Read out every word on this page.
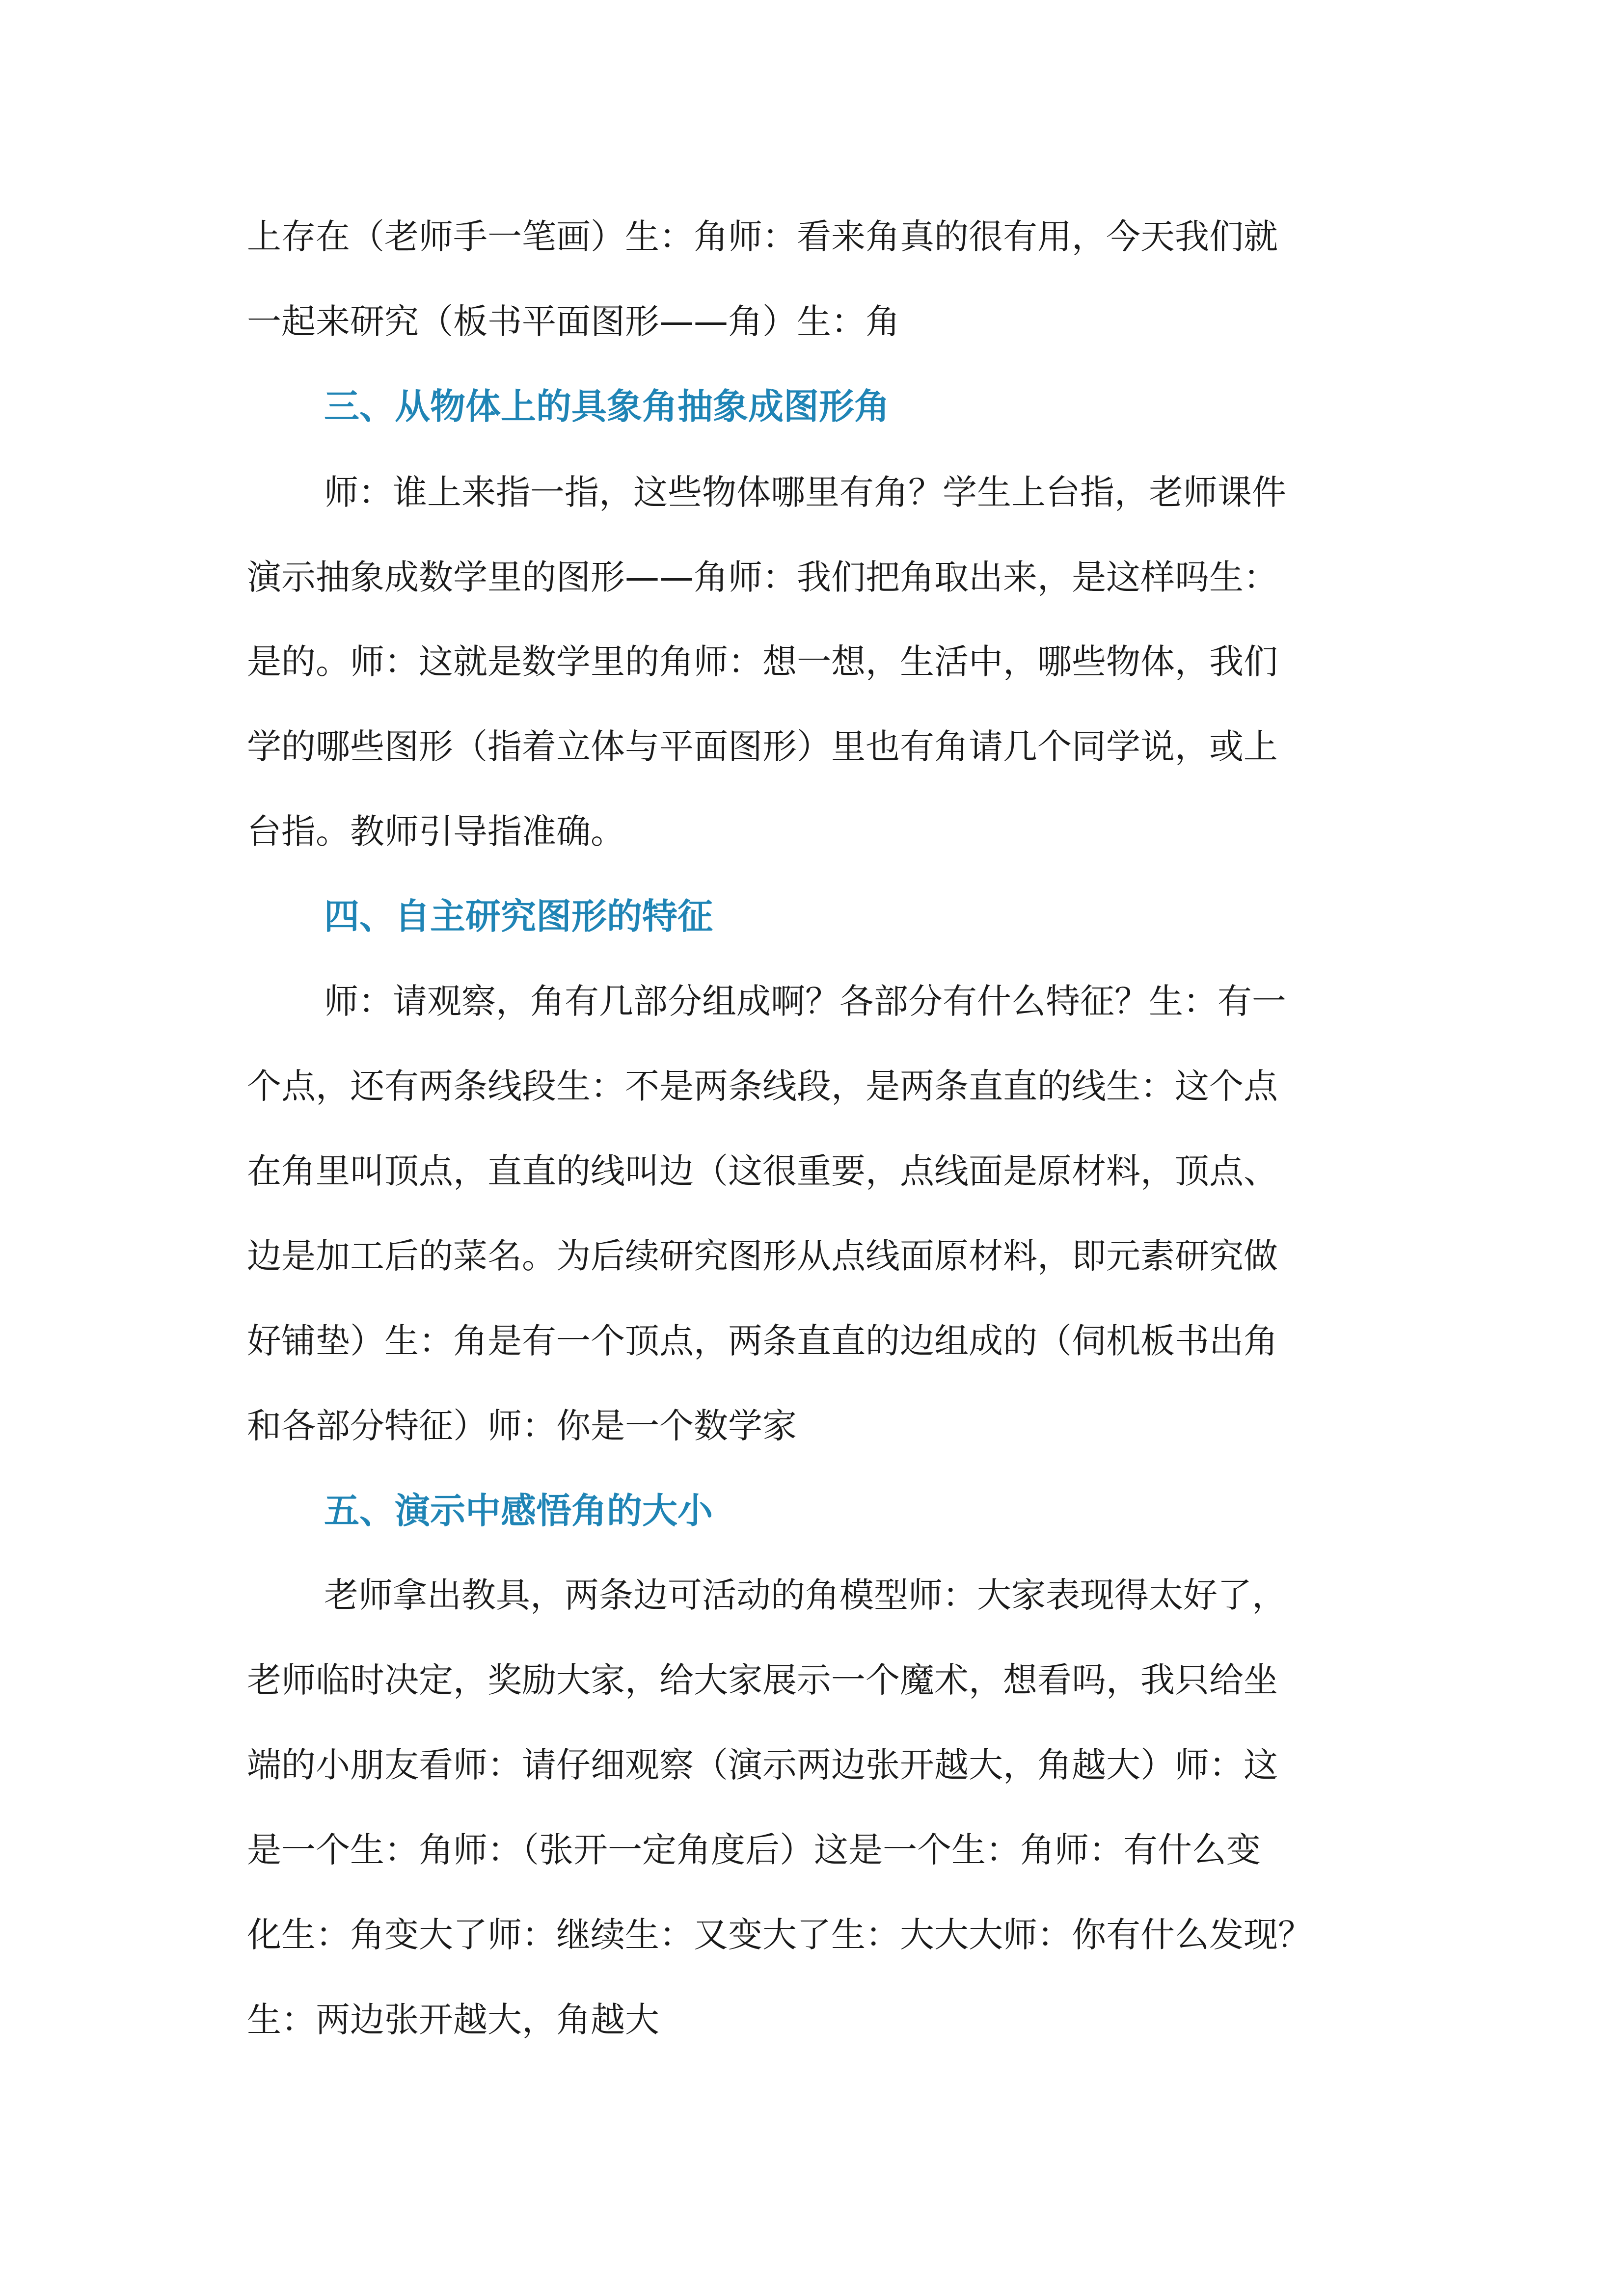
上存在（老师手一笔画）生：角师：看来角真的很有用，今天我们就
一起来研究（板书平面图形——角）生：角
三、从物体上的具象角抽象成图形角
师：谁上来指一指，这些物体哪里有角？学生上台指，老师课件
演示抽象成数学里的图形——角师：我们把角取出来，是这样吗生：
是的。师：这就是数学里的角师：想一想，生活中，哪些物体，我们
学的哪些图形（指着立体与平面图形）里也有角请几个同学说，或上
台指。教师引导指准确。
四、自主研究图形的特征
师：请观察，角有几部分组成啊？各部分有什么特征？生：有一
个点，还有两条线段生：不是两条线段，是两条直直的线生：这个点
在角里叫顶点，直直的线叫边（这很重要，点线面是原材料，顶点、
边是加工后的菜名。为后续研究图形从点线面原材料，即元素研究做
好铺垫）生：角是有一个顶点，两条直直的边组成的（伺机板书出角
和各部分特征）师：你是一个数学家
五、演示中感悟角的大小
老师拿出教具，两条边可活动的角模型师：大家表现得太好了，
老师临时决定，奖励大家，给大家展示一个魔术，想看吗，我只给坐
端的小朋友看师：请仔细观察（演示两边张开越大，角越大）师：这
是一个生：角师：（张开一定角度后）这是一个生：角师：有什么变
化生：角变大了师：继续生：又变大了生：大大大师：你有什么发现？
生：两边张开越大，角越大
